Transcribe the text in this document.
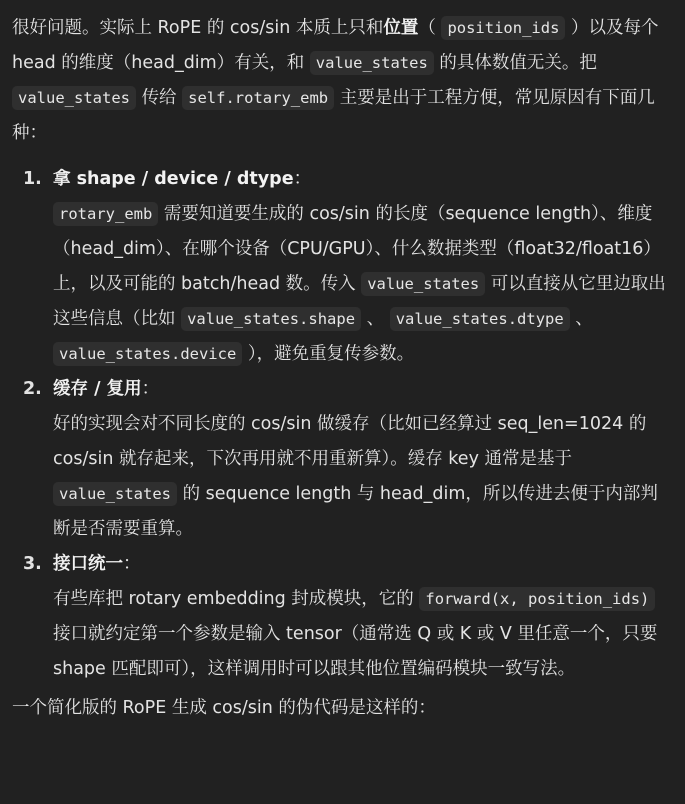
很好问题。实际上 RoPE 的 cos/sin 本质上只和位置（ position_ids ）以及每个 head 的维度（head_dim）有关，和 value_states 的具体数值无关。把 value_states 传给 self.rotary_emb 主要是出于工程方便，常见原因有下面几种：

1. 拿 shape / device / dtype：

rotary_emb 需要知道要生成的 cos/sin 的长度（sequence length）、维度（head_dim）、在哪个设备（CPU/GPU）、什么数据类型（float32/float16）上，以及可能的 batch/head 数。传入 value_states 可以直接从它里边取出这些信息（比如 value_states.shape 、 value_states.dtype 、 value_states.device ），避免重复传参数。

2. 缓存 / 复用：

好的实现会对不同长度的 cos/sin 做缓存（比如已经算过 seq_len=1024 的 cos/sin 就存起来，下次再用就不用重新算）。缓存 key 通常是基于 value_states 的 sequence length 与 head_dim，所以传进去便于内部判断是否需要重算。

3. 接口统一：

有些库把 rotary embedding 封成模块，它的 forward(x, position_ids) 接口就约定第一个参数是输入 tensor（通常选 Q 或 K 或 V 里任意一个，只要 shape 匹配即可），这样调用时可以跟其他位置编码模块一致写法。

一个简化版的 RoPE 生成 cos/sin 的伪代码是这样的：
